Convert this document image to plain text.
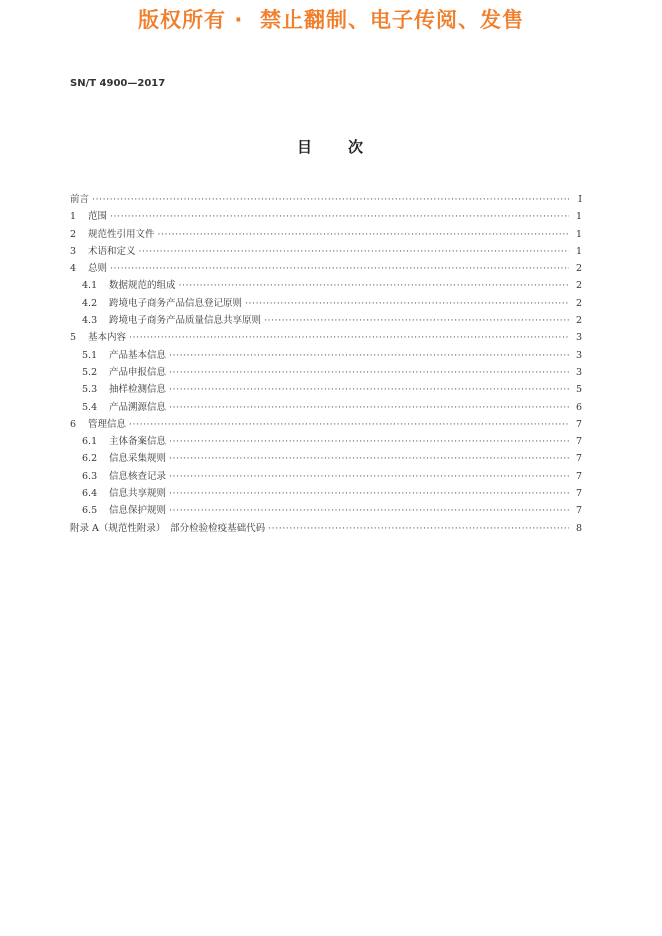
版权所有 ·  禁止翻制、电子传阅、发售
SN/T 4900—2017
目　　次
前言 ·····	Ⅰ
1	范围 ·····	1
2	规范性引用文件 ·····	1
3	术语和定义 ·····	1
4	总则 ·····	2
4.1	数据规范的组成 ·····	2
4.2	跨境电子商务产品信息登记原则 ·····	2
4.3	跨境电子商务产品质量信息共享原则 ·····	2
5	基本内容 ·····	3
5.1	产品基本信息 ·····	3
5.2	产品申报信息 ·····	3
5.3	抽样检测信息 ·····	5
5.4	产品溯源信息 ·····	6
6	管理信息 ·····	7
6.1	主体备案信息 ·····	7
6.2	信息采集规则 ·····	7
6.3	信息核查记录 ·····	7
6.4	信息共享规则 ·····	7
6.5	信息保护规则 ·····	7
附录 A（规范性附录）　部分检验检疫基础代码 ·····	8
